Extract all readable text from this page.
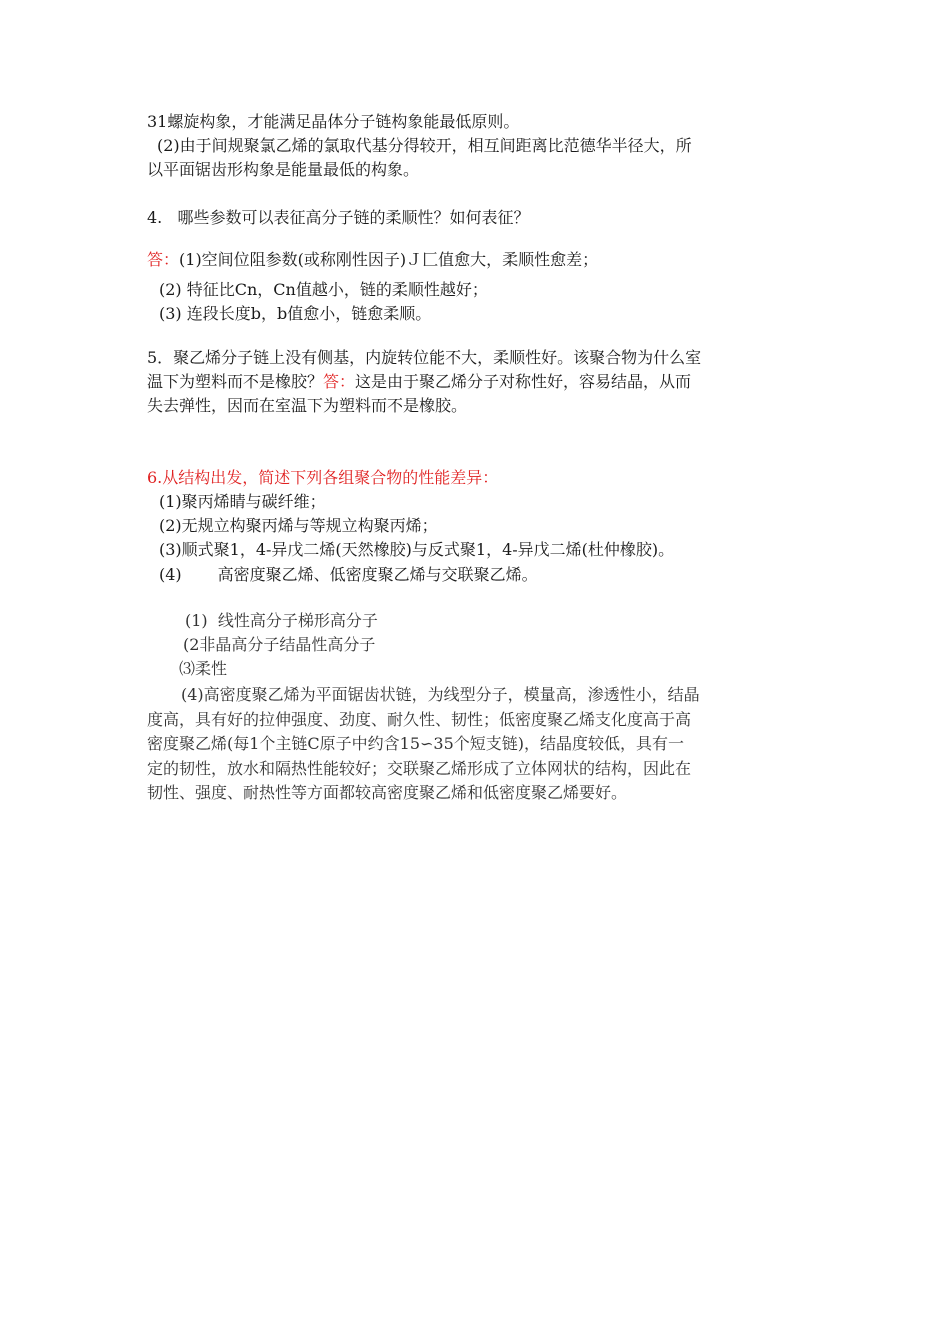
31螺旋构象，才能满足晶体分子链构象能最低原则。
(2)由于间规聚氯乙烯的氯取代基分得较开，相互间距离比范德华半径大，所
以平面锯齿形构象是能量最低的构象。
4.   哪些参数可以表征高分子链的柔顺性？如何表征？
答：(1)空间位阻参数(或称刚性因子)Ｊ匚值愈大，柔顺性愈差；
(2) 特征比Cn，Cn值越小，链的柔顺性越好；
(3) 连段长度b，b值愈小，链愈柔顺。
5．聚乙烯分子链上没有侧基，内旋转位能不大，柔顺性好。该聚合物为什么室
温下为塑料而不是橡胶？答：这是由于聚乙烯分子对称性好，容易结晶，从而
失去弹性，因而在室温下为塑料而不是橡胶。
6.从结构出发，简述下列各组聚合物的性能差异：
(1)聚丙烯睛与碳纤维；
(2)无规立构聚丙烯与等规立构聚丙烯；
(3)顺式聚1，4-异戊二烯(天然橡胶)与反式聚1，4-异戊二烯(杜仲橡胶)。
(4) 高密度聚乙烯、低密度聚乙烯与交联聚乙烯。
(1)  线性高分子梯形高分子
(2非晶高分子结晶性高分子
⑶柔性
(4)高密度聚乙烯为平面锯齿状链，为线型分子，模量高，渗透性小，结晶
度高，具有好的拉伸强度、劲度、耐久性、韧性；低密度聚乙烯支化度高于高
密度聚乙烯(每1个主链C原子中约含15∽35个短支链)，结晶度较低，具有一
定的韧性，放水和隔热性能较好；交联聚乙烯形成了立体网状的结构，因此在
韧性、强度、耐热性等方面都较高密度聚乙烯和低密度聚乙烯要好。
